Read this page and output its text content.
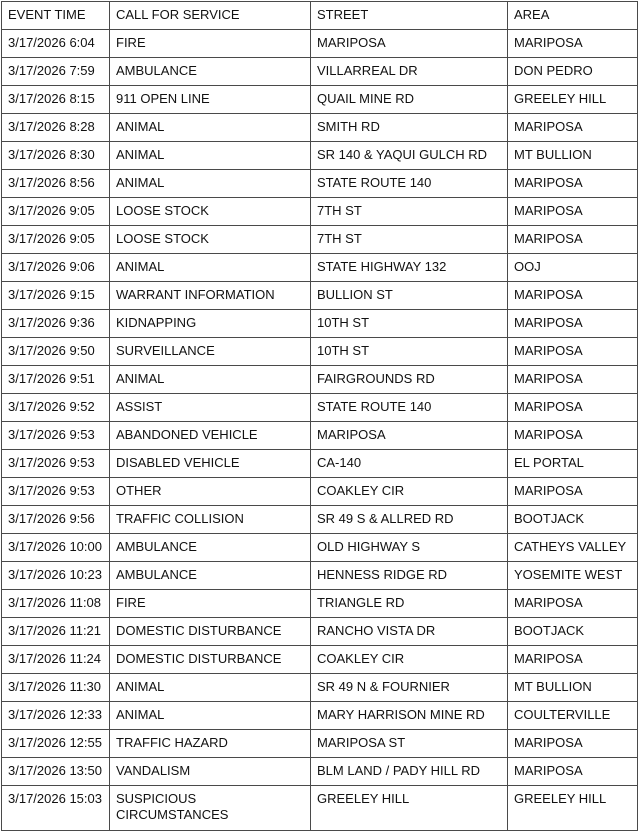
EVENT TIME	CALL FOR SERVICE	STREET	AREA
3/17/2026 6:04	FIRE	MARIPOSA	MARIPOSA
3/17/2026 7:59	AMBULANCE	VILLARREAL DR	DON PEDRO
3/17/2026 8:15	911 OPEN LINE	QUAIL MINE RD	GREELEY HILL
3/17/2026 8:28	ANIMAL	SMITH RD	MARIPOSA
3/17/2026 8:30	ANIMAL	SR 140 & YAQUI GULCH RD	MT BULLION
3/17/2026 8:56	ANIMAL	STATE ROUTE 140	MARIPOSA
3/17/2026 9:05	LOOSE STOCK	7TH ST	MARIPOSA
3/17/2026 9:05	LOOSE STOCK	7TH ST	MARIPOSA
3/17/2026 9:06	ANIMAL	STATE HIGHWAY 132	OOJ
3/17/2026 9:15	WARRANT INFORMATION	BULLION ST	MARIPOSA
3/17/2026 9:36	KIDNAPPING	10TH ST	MARIPOSA
3/17/2026 9:50	SURVEILLANCE	10TH ST	MARIPOSA
3/17/2026 9:51	ANIMAL	FAIRGROUNDS RD	MARIPOSA
3/17/2026 9:52	ASSIST	STATE ROUTE 140	MARIPOSA
3/17/2026 9:53	ABANDONED VEHICLE	MARIPOSA	MARIPOSA
3/17/2026 9:53	DISABLED VEHICLE	CA-140	EL PORTAL
3/17/2026 9:53	OTHER	COAKLEY CIR	MARIPOSA
3/17/2026 9:56	TRAFFIC COLLISION	SR 49 S & ALLRED RD	BOOTJACK
3/17/2026 10:00	AMBULANCE	OLD HIGHWAY S	CATHEYS VALLEY
3/17/2026 10:23	AMBULANCE	HENNESS RIDGE RD	YOSEMITE WEST
3/17/2026 11:08	FIRE	TRIANGLE RD	MARIPOSA
3/17/2026 11:21	DOMESTIC DISTURBANCE	RANCHO VISTA DR	BOOTJACK
3/17/2026 11:24	DOMESTIC DISTURBANCE	COAKLEY CIR	MARIPOSA
3/17/2026 11:30	ANIMAL	SR 49 N & FOURNIER	MT BULLION
3/17/2026 12:33	ANIMAL	MARY HARRISON MINE RD	COULTERVILLE
3/17/2026 12:55	TRAFFIC HAZARD	MARIPOSA ST	MARIPOSA
3/17/2026 13:50	VANDALISM	BLM LAND / PADY HILL RD	MARIPOSA
3/17/2026 15:03	SUSPICIOUS CIRCUMSTANCES	GREELEY HILL	GREELEY HILL
